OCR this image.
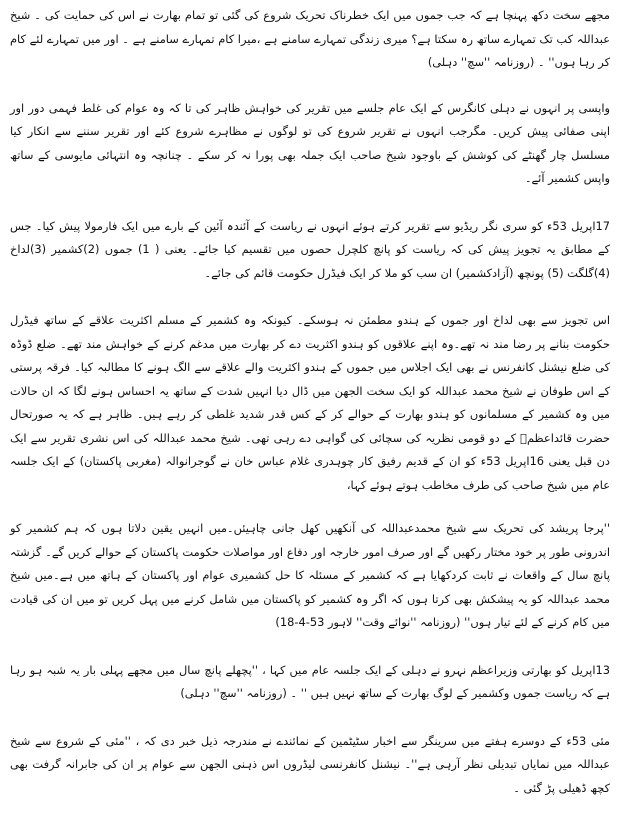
مجھے سخت دکھ پہنچا ہے کہ جب جموں میں ایک خطرناک تحریک شروع کی گئی تو تمام بھارت نے اس کی حمایت کی ۔ شیخ عبداللہ کب تک تمہارے ساتھ رہ سکتا ہے؟ میری زندگی تمہارے سامنے ہے ،میرا کام تمہارے سامنے ہے ۔ اور میں تمہارے لئے کام کر رہا ہوں'' ۔ (روزنامہ ''سچ'' دہلی)

واپسی پر انہوں نے دہلی کانگرس کے ایک عام جلسے میں تقریر کی خواہش ظاہر کی تا کہ وہ عوام کی غلط فہمی دور اور اپنی صفائی پیش کریں۔ مگرجب انہوں نے تقریر شروع کی تو لوگوں نے مظاہرے شروع کئے اور تقریر سننے سے انکار کیا مسلسل چار گھنٹے کی کوشش کے باوجود شیخ صاحب ایک جملہ بھی پورا نہ کر سکے ۔ چنانچہ وہ انتہائی مایوسی کے ساتھ واپس کشمیر آئے۔

17اپریل 53ء کو سری نگر ریڈیو سے تقریر کرتے ہوئے انہوں نے ریاست کے آئندہ آئین کے بارے میں ایک فارمولا پیش کیا۔ جس کے مطابق یہ تجویز پیش کی کہ ریاست کو پانچ کلچرل حصوں میں تقسیم کیا جائے۔ یعنی ( 1) جموں (2)کشمیر (3)لداخ (4)گلگت (5) پونچھ (آزادکشمیر) ان سب کو ملا کر ایک فیڈرل حکومت قائم کی جائے۔

اس تجویز سے بھی لداخ اور جموں کے ہندو مطمئن نہ ہوسکے۔ کیونکہ وہ کشمیر کے مسلم اکثریت علاقے کے ساتھ فیڈرل حکومت بنانے پر رضا مند نہ تھے۔وہ اپنے علاقوں کو ہندو اکثریت دے کر بھارت میں مدغم کرنے کے خواہش مند تھے۔ ضلع ڈوڈہ کی ضلع نیشنل کانفرنس نے بھی ایک اجلاس میں جموں کے ہندو اکثریت والے علاقے سے الگ ہونے کا مطالبہ کیا۔ فرقہ پرستی کے اس طوفان نے شیخ محمد عبداللہ کو ایک سخت الجھن میں ڈال دیا انہیں شدت کے ساتھ یہ احساس ہونے لگا کہ ان حالات میں وہ کشمیر کے مسلمانوں کو ہندو بھارت کے حوالے کر کے کس قدر شدید غلطی کر رہے ہیں۔ ظاہر ہے کہ یہ صورتحال حضرت قائداعظمؒ کے دو قومی نظریہ کی سچائی کی گواہی دے رہی تھی۔ شیخ محمد عبداللہ کی اس نشری تقریر سے ایک دن قبل یعنی 16اپریل 53ء کو ان کے قدیم رفیق کار چوہدری غلام عباس خان نے گوجرانوالہ (مغربی پاکستان) کے ایک جلسہ عام میں شیخ صاحب کی طرف مخاطب ہوتے ہوئے کہا،

''پرجا پریشد کی تحریک سے شیخ محمدعبداللہ کی آنکھیں کھل جانی چاہیئں۔میں انہیں یقین دلاتا ہوں کہ ہم کشمیر کو اندرونی طور پر خود مختار رکھیں گے اور صرف امور خارجہ اور دفاع اور مواصلات حکومت پاکستان کے حوالے کریں گے۔ گزشتہ پانچ سال کے واقعات نے ثابت کردکھایا ہے کہ کشمیر کے مسئلہ کا حل کشمیری عوام اور پاکستان کے ہاتھ میں ہے۔میں شیخ محمد عبداللہ کو یہ پیشکش بھی کرتا ہوں کہ اگر وہ کشمیر کو پاکستان میں شامل کرنے میں پہل کریں تو میں ان کی قیادت میں کام کرنے کے لئے تیار ہوں'' (روزنامہ ''نوائے وقت'' لاہور 53-4-18)

13اپریل کو بھارتی وزیراعظم نہرو نے دہلی کے ایک جلسہ عام میں کہا ، ''پچھلے پانچ سال میں مجھے پہلی بار یہ شبہ ہو رہا ہے کہ ریاست جموں وکشمیر کے لوگ بھارت کے ساتھ نہیں ہیں '' ۔ (روزنامہ ''سچ'' دہلی)

مئی 53ء کے دوسرے ہفتے میں سرینگر سے اخبار سٹیٹمین کے نمائندے نے مندرجہ ذیل خبر دی کہ ، ''مئی کے شروع سے شیخ عبداللہ میں نمایاں تبدیلی نظر آرہی ہے''۔ نیشنل کانفرنسی لیڈروں اس ذہنی الجھن سے عوام پر ان کی جابرانہ گرفت بھی کچھ ڈھیلی پڑ گئی ۔
